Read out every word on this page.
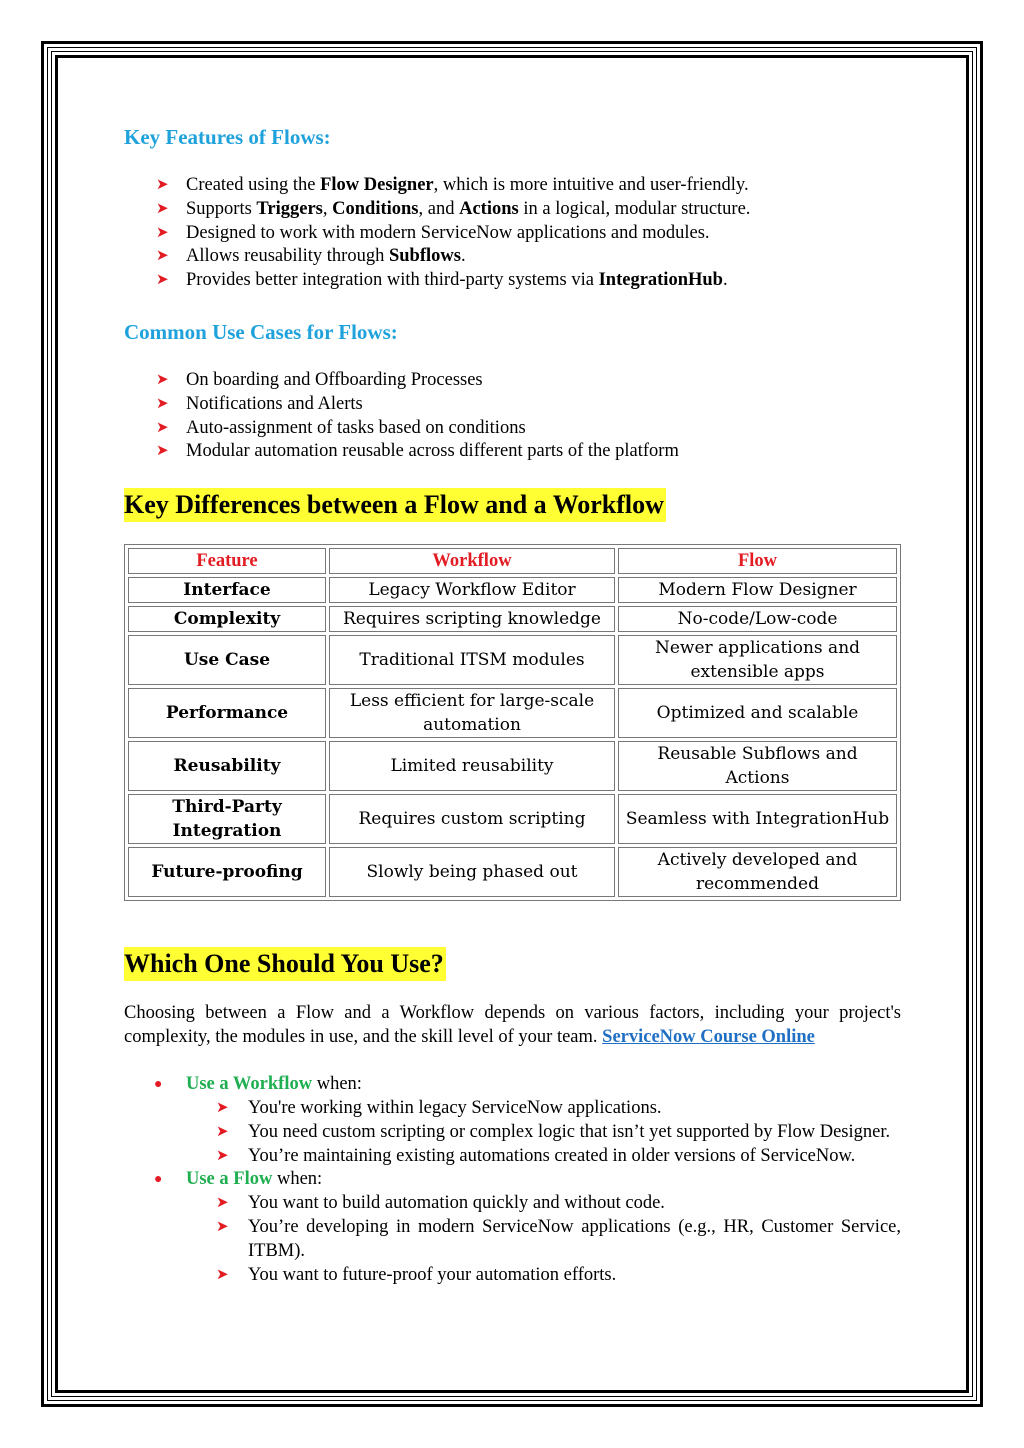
Key Features of Flows:
➤ Created using the Flow Designer, which is more intuitive and user-friendly.
➤ Supports Triggers, Conditions, and Actions in a logical, modular structure.
➤ Designed to work with modern ServiceNow applications and modules.
➤ Allows reusability through Subflows.
➤ Provides better integration with third-party systems via IntegrationHub.
Common Use Cases for Flows:
➤ On boarding and Offboarding Processes
➤ Notifications and Alerts
➤ Auto-assignment of tasks based on conditions
➤ Modular automation reusable across different parts of the platform
Key Differences between a Flow and a Workflow
Feature	Workflow	Flow
Interface	Legacy Workflow Editor	Modern Flow Designer
Complexity	Requires scripting knowledge	No-code/Low-code
Use Case	Traditional ITSM modules	Newer applications and extensible apps
Performance	Less efficient for large-scale automation	Optimized and scalable
Reusability	Limited reusability	Reusable Subflows and Actions
Third-Party Integration	Requires custom scripting	Seamless with IntegrationHub
Future-proofing	Slowly being phased out	Actively developed and recommended
Which One Should You Use?

Choosing between a Flow and a Workflow depends on various factors, including your project's complexity, the modules in use, and the skill level of your team. ServiceNow Course Online

● Use a Workflow when:
➤ You're working within legacy ServiceNow applications.
➤ You need custom scripting or complex logic that isn’t yet supported by Flow Designer.
➤ You’re maintaining existing automations created in older versions of ServiceNow.
● Use a Flow when:
➤ You want to build automation quickly and without code.
➤ You’re developing in modern ServiceNow applications (e.g., HR, Customer Service, ITBM).
➤ You want to future-proof your automation efforts.
